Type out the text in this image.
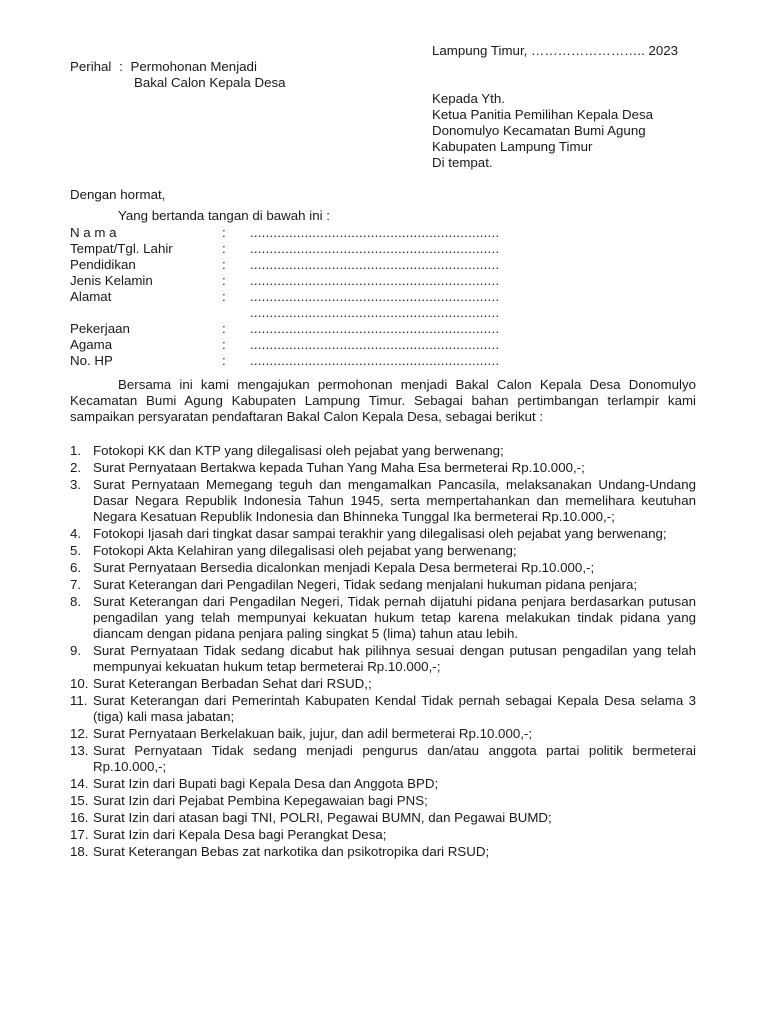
Lampung Timur, …………………….. 2023
Perihal : Permohonan Menjadi
Bakal Calon Kepala Desa
Kepada Yth.
Ketua Panitia Pemilihan Kepala Desa
Donomulyo Kecamatan Bumi Agung
Kabupaten Lampung Timur
Di tempat.
Dengan hormat,
Yang bertanda tangan di bawah ini :
N a m a	: ................................................................
Tempat/Tgl. Lahir	: ................................................................
Pendidikan	: ................................................................
Jenis Kelamin	: ................................................................
Alamat	: ................................................................
................................................................
Pekerjaan	: ................................................................
Agama	: ................................................................
No. HP	: ................................................................

Bersama ini kami mengajukan permohonan menjadi Bakal Calon Kepala Desa Donomulyo Kecamatan Bumi Agung Kabupaten Lampung Timur. Sebagai bahan pertimbangan terlampir kami sampaikan persyaratan pendaftaran Bakal Calon Kepala Desa, sebagai berikut :

1. Fotokopi KK dan KTP yang dilegalisasi oleh pejabat yang berwenang;
2. Surat Pernyataan Bertakwa kepada Tuhan Yang Maha Esa bermeterai Rp.10.000,-;
3. Surat Pernyataan Memegang teguh dan mengamalkan Pancasila, melaksanakan Undang-Undang Dasar Negara Republik Indonesia Tahun 1945, serta mempertahankan dan memelihara keutuhan Negara Kesatuan Republik Indonesia dan Bhinneka Tunggal Ika bermeterai Rp.10.000,-;
4. Fotokopi Ijasah dari tingkat dasar sampai terakhir yang dilegalisasi oleh pejabat yang berwenang;
5. Fotokopi Akta Kelahiran yang dilegalisasi oleh pejabat yang berwenang;
6. Surat Pernyataan Bersedia dicalonkan menjadi Kepala Desa bermeterai Rp.10.000,-;
7. Surat Keterangan dari Pengadilan Negeri, Tidak sedang menjalani hukuman pidana penjara;
8. Surat Keterangan dari Pengadilan Negeri, Tidak pernah dijatuhi pidana penjara berdasarkan putusan pengadilan yang telah mempunyai kekuatan hukum tetap karena melakukan tindak pidana yang diancam dengan pidana penjara paling singkat 5 (lima) tahun atau lebih.
9. Surat Pernyataan Tidak sedang dicabut hak pilihnya sesuai dengan putusan pengadilan yang telah mempunyai kekuatan hukum tetap bermeterai Rp.10.000,-;
10. Surat Keterangan Berbadan Sehat dari RSUD,;
11. Surat Keterangan dari Pemerintah Kabupaten Kendal Tidak pernah sebagai Kepala Desa selama 3 (tiga) kali masa jabatan;
12. Surat Pernyataan Berkelakuan baik, jujur, dan adil bermeterai Rp.10.000,-;
13. Surat Pernyataan Tidak sedang menjadi pengurus dan/atau anggota partai politik bermeterai Rp.10.000,-;
14. Surat Izin dari Bupati bagi Kepala Desa dan Anggota BPD;
15. Surat Izin dari Pejabat Pembina Kepegawaian bagi PNS;
16. Surat Izin dari atasan bagi TNI, POLRI, Pegawai BUMN, dan Pegawai BUMD;
17. Surat Izin dari Kepala Desa bagi Perangkat Desa;
18. Surat Keterangan Bebas zat narkotika dan psikotropika dari RSUD;
